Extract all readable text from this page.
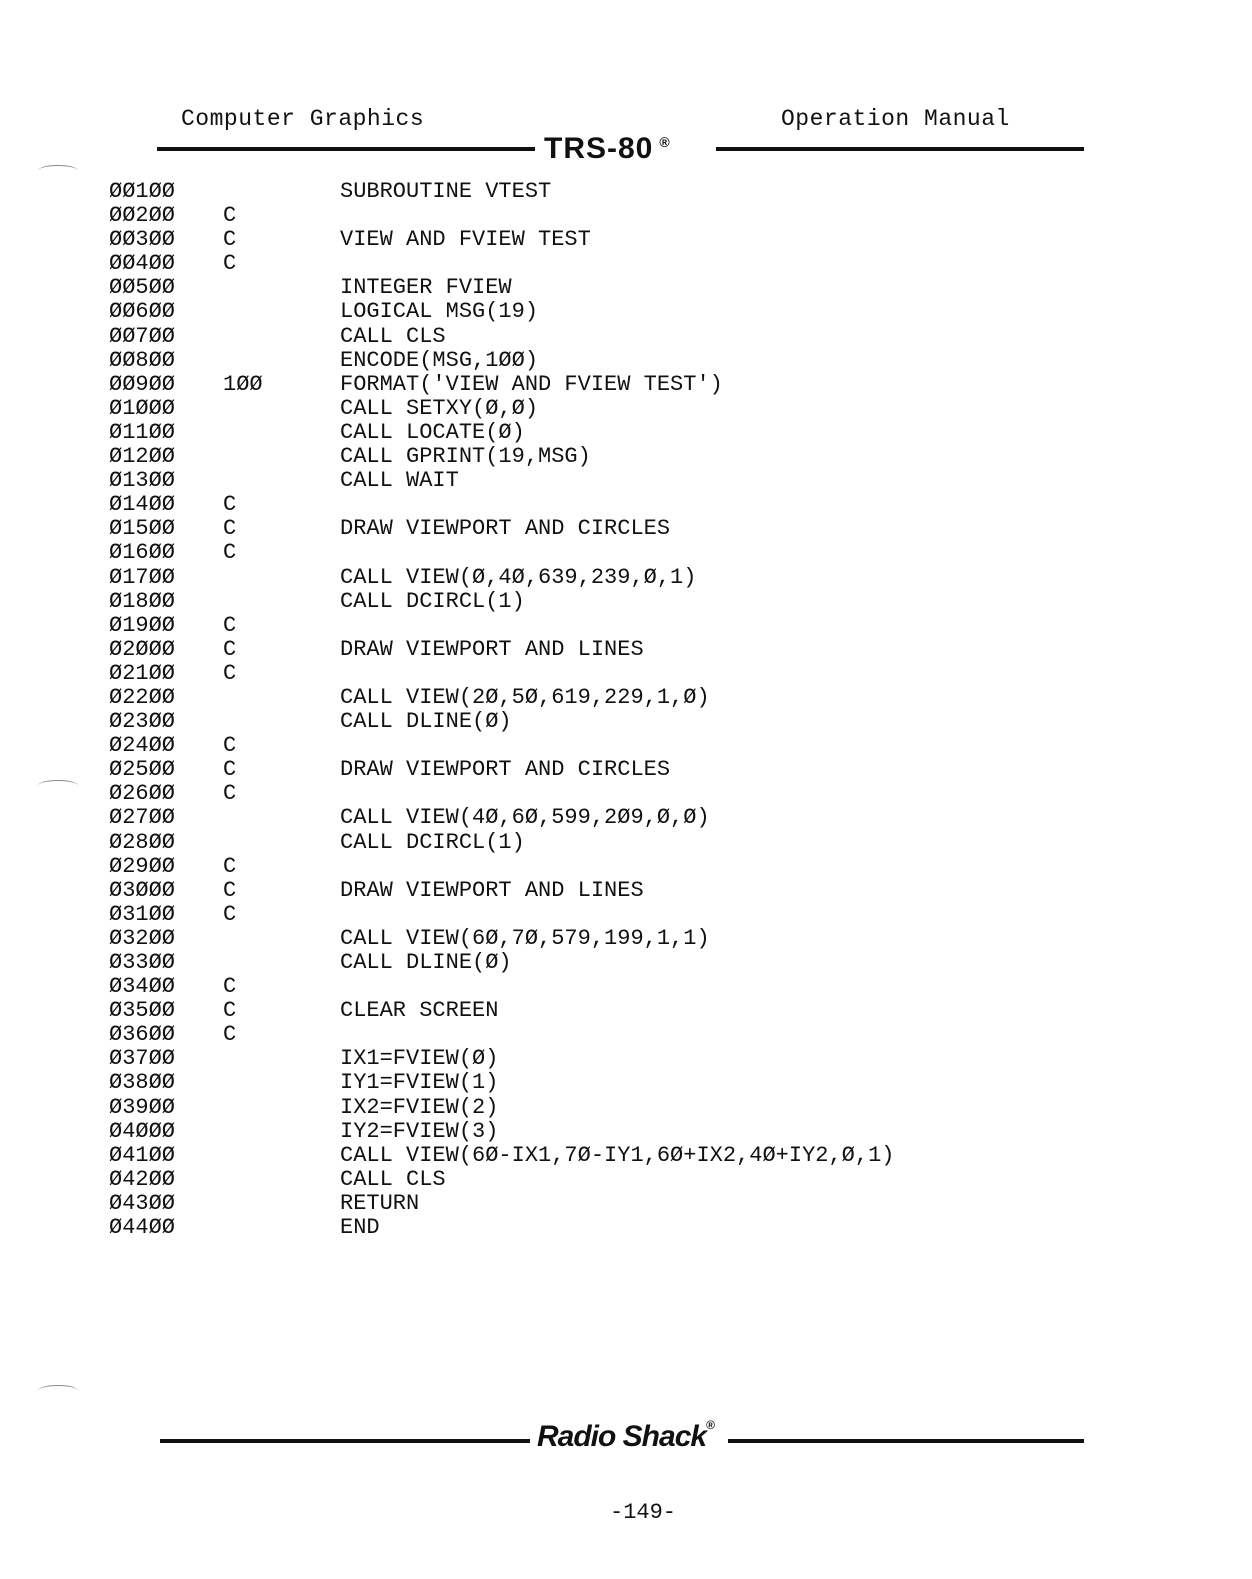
Computer Graphics	Operation Manual
TRS-80 ®
ØØ1ØØ	SUBROUTINE VTEST
ØØ2ØØ	C
ØØ3ØØ	C	VIEW AND FVIEW TEST
ØØ4ØØ	C
ØØ5ØØ	INTEGER FVIEW
ØØ6ØØ	LOGICAL MSG(19)
ØØ7ØØ	CALL CLS
ØØ8ØØ	ENCODE(MSG,1ØØ)
ØØ9ØØ	1ØØ	FORMAT('VIEW AND FVIEW TEST')
Ø1ØØØ	CALL SETXY(Ø,Ø)
Ø11ØØ	CALL LOCATE(Ø)
Ø12ØØ	CALL GPRINT(19,MSG)
Ø13ØØ	CALL WAIT
Ø14ØØ	C
Ø15ØØ	C	DRAW VIEWPORT AND CIRCLES
Ø16ØØ	C
Ø17ØØ	CALL VIEW(Ø,4Ø,639,239,Ø,1)
Ø18ØØ	CALL DCIRCL(1)
Ø19ØØ	C
Ø2ØØØ	C	DRAW VIEWPORT AND LINES
Ø21ØØ	C
Ø22ØØ	CALL VIEW(2Ø,5Ø,619,229,1,Ø)
Ø23ØØ	CALL DLINE(Ø)
Ø24ØØ	C
Ø25ØØ	C	DRAW VIEWPORT AND CIRCLES
Ø26ØØ	C
Ø27ØØ	CALL VIEW(4Ø,6Ø,599,2Ø9,Ø,Ø)
Ø28ØØ	CALL DCIRCL(1)
Ø29ØØ	C
Ø3ØØØ	C	DRAW VIEWPORT AND LINES
Ø31ØØ	C
Ø32ØØ	CALL VIEW(6Ø,7Ø,579,199,1,1)
Ø33ØØ	CALL DLINE(Ø)
Ø34ØØ	C
Ø35ØØ	C	CLEAR SCREEN
Ø36ØØ	C
Ø37ØØ	IX1=FVIEW(Ø)
Ø38ØØ	IY1=FVIEW(1)
Ø39ØØ	IX2=FVIEW(2)
Ø4ØØØ	IY2=FVIEW(3)
Ø41ØØ	CALL VIEW(6Ø-IX1,7Ø-IY1,6Ø+IX2,4Ø+IY2,Ø,1)
Ø42ØØ	CALL CLS
Ø43ØØ	RETURN
Ø44ØØ	END
Radio Shack®
-149-
